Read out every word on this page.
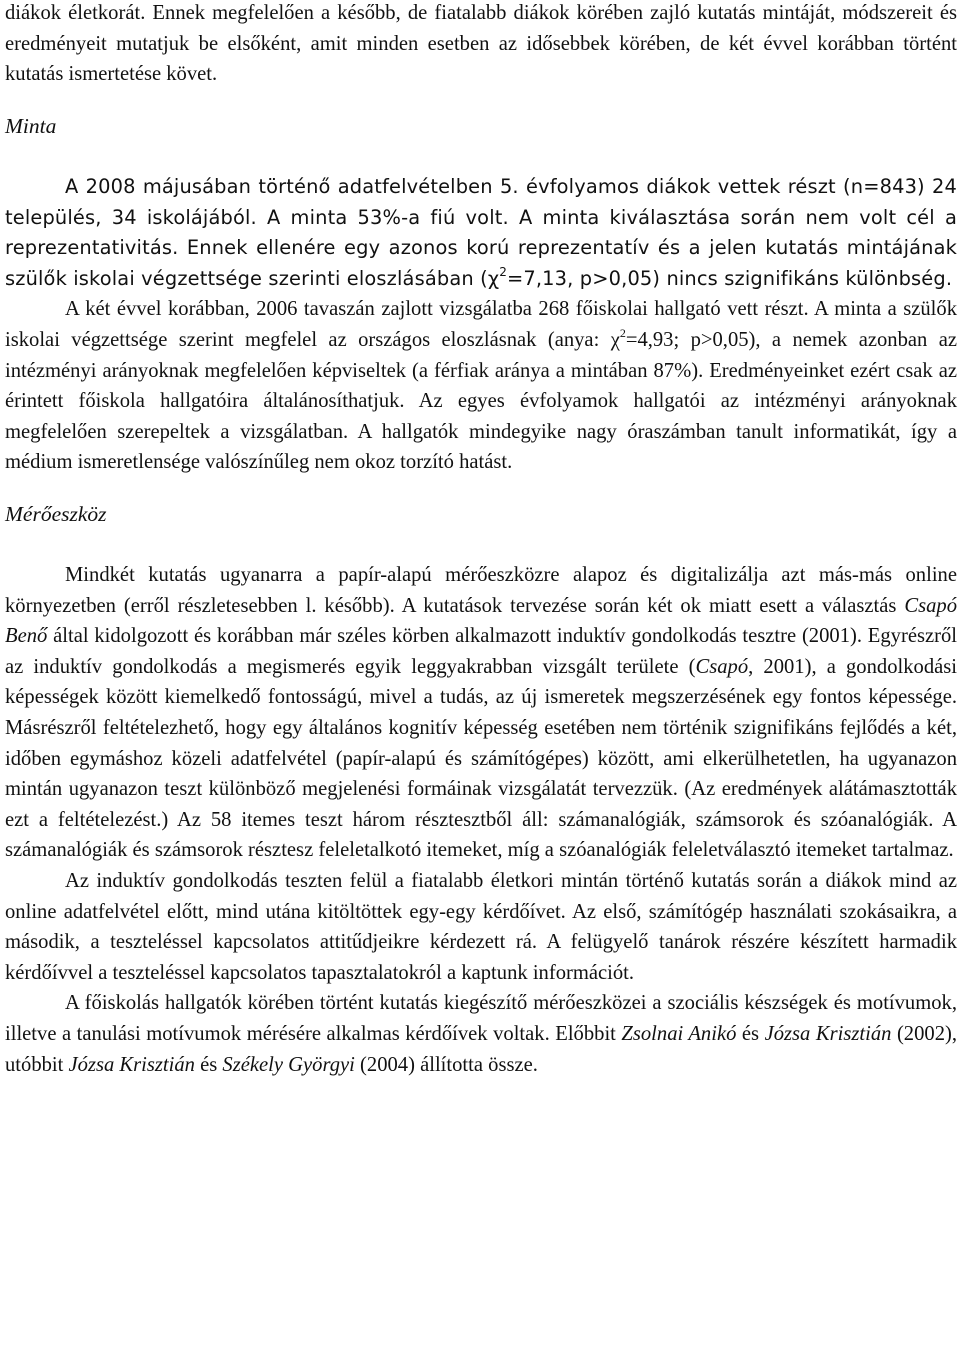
diákok életkorát. Ennek megfelelően a később, de fiatalabb diákok körében zajló kutatás mintáját, módszereit és eredményeit mutatjuk be elsőként, amit minden esetben az idősebbek körében, de két évvel korábban történt kutatás ismertetése követ.

Minta

A 2008 májusában történő adatfelvételben 5. évfolyamos diákok vettek részt (n=843) 24 település, 34 iskolájából. A minta 53%-a fiú volt. A minta kiválasztása során nem volt cél a reprezentativitás. Ennek ellenére egy azonos korú reprezentatív és a jelen kutatás mintájának szülők iskolai végzettsége szerinti eloszlásában ($\chi^2=7,13$, p>0,05) nincs szignifikáns különbség.

A két évvel korábban, 2006 tavaszán zajlott vizsgálatba 268 főiskolai hallgató vett részt. A minta a szülők iskolai végzettsége szerint megfelel az országos eloszlásnak (anya: $\chi^2=4,93$; p>0,05), a nemek azonban az intézményi arányoknak megfelelően képviseltek (a férfiak aránya a mintában 87%). Eredményeinket ezért csak az érintett főiskola hallgatóira általánosíthatjuk. Az egyes évfolyamok hallgatói az intézményi arányoknak megfelelően szerepeltek a vizsgálatban. A hallgatók mindegyike nagy óraszámban tanult informatikát, így a médium ismeretlensége valószínűleg nem okoz torzító hatást.

Mérőeszköz

Mindkét kutatás ugyanarra a papír-alapú mérőeszközre alapoz és digitalizálja azt más-más online környezetben (erről részletesebben l. később). A kutatások tervezése során két ok miatt esett a választás Csapó Benő által kidolgozott és korábban már széles körben alkalmazott induktív gondolkodás tesztre (2001). Egyrészről az induktív gondolkodás a megismerés egyik leggyakrabban vizsgált területe (Csapó, 2001), a gondolkodási képességek között kiemelkedő fontosságú, mivel a tudás, az új ismeretek megszerzésének egy fontos képessége. Másrészről feltételezhető, hogy egy általános kognitív képesség esetében nem történik szignifikáns fejlődés a két, időben egymáshoz közeli adatfelvétel (papír-alapú és számítógépes) között, ami elkerülhetetlen, ha ugyanazon mintán ugyanazon teszt különböző megjelenési formáinak vizsgálatát tervezzük. (Az eredmények alátámasztották ezt a feltételezést.) Az 58 itemes teszt három résztesztből áll: számanalógiák, számsorok és szóanalógiák. A számanalógiák és számsorok résztesz feleletalkotó itemeket, míg a szóanalógiák feleletválasztó itemeket tartalmaz.

Az induktív gondolkodás teszten felül a fiatalabb életkori mintán történő kutatás során a diákok mind az online adatfelvétel előtt, mind utána kitöltöttek egy-egy kérdőívet. Az első, számítógép használati szokásaikra, a második, a teszteléssel kapcsolatos attitűdjeikre kérdezett rá. A felügyelő tanárok részére készített harmadik kérdőívvel a teszteléssel kapcsolatos tapasztalatokról a kaptunk információt.

A főiskolás hallgatók körében történt kutatás kiegészítő mérőeszközei a szociális készségek és motívumok, illetve a tanulási motívumok mérésére alkalmas kérdőívek voltak. Előbbit Zsolnai Anikó és Józsa Krisztián (2002), utóbbit Józsa Krisztián és Székely Györgyi (2004) állította össze.
